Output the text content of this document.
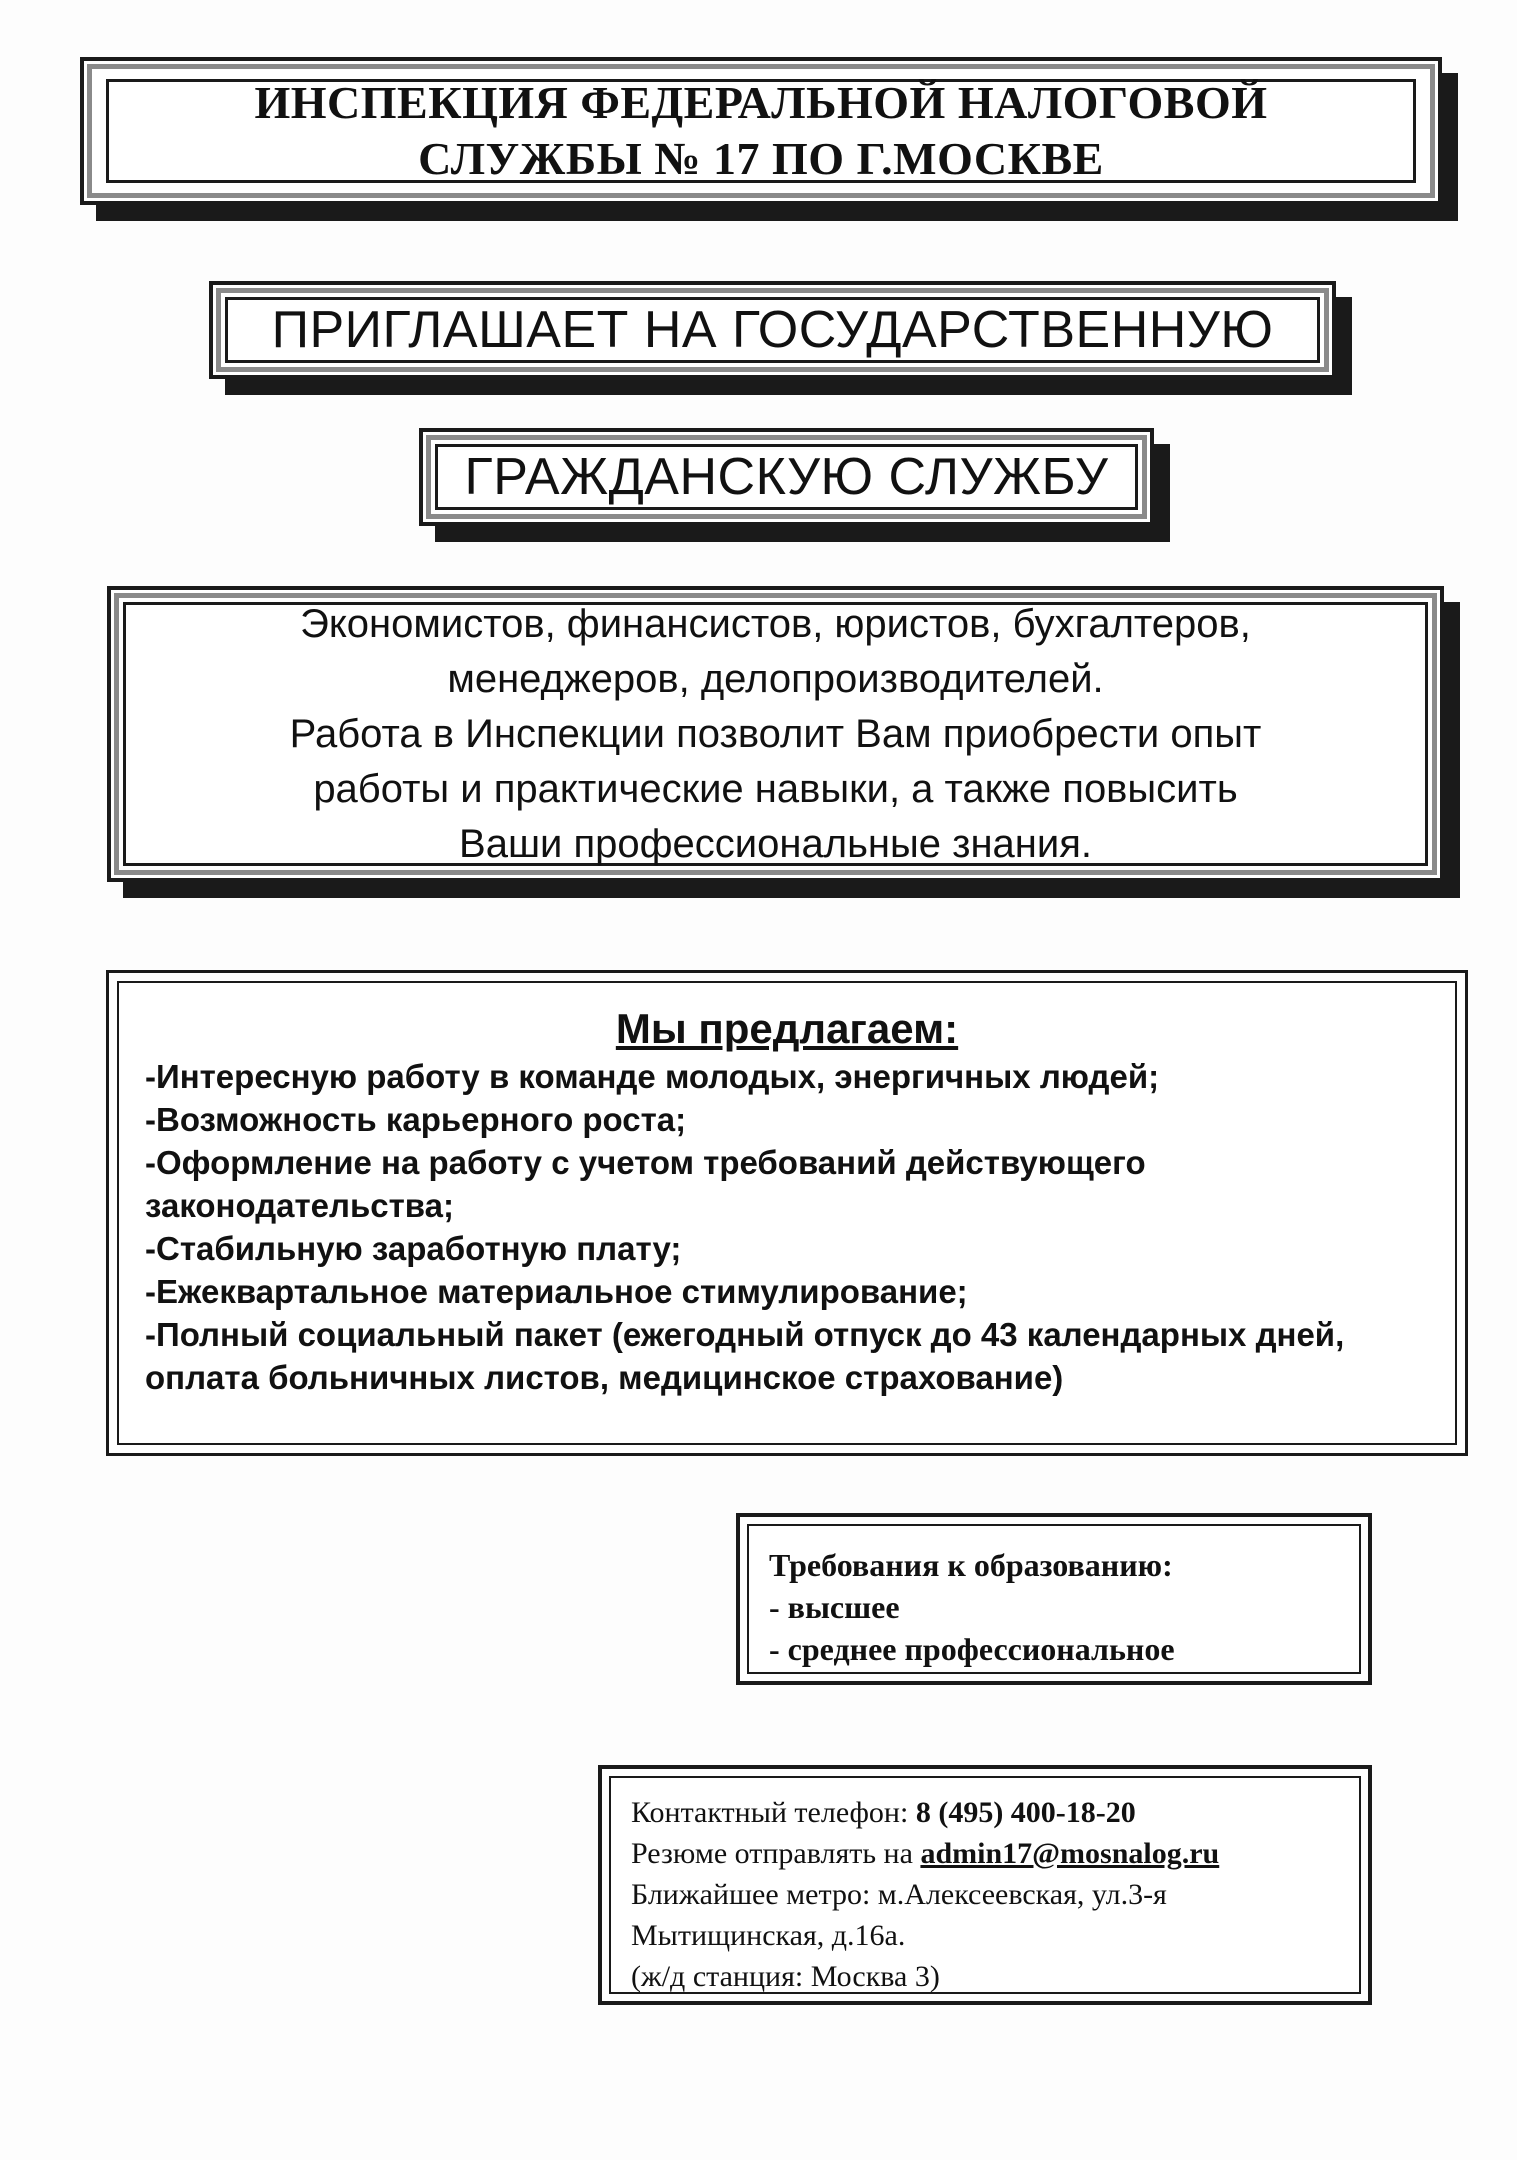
ИНСПЕКЦИЯ ФЕДЕРАЛЬНОЙ НАЛОГОВОЙ
СЛУЖБЫ № 17 ПО Г.МОСКВЕ
ПРИГЛАШАЕТ НА ГОСУДАРСТВЕННУЮ
ГРАЖДАНСКУЮ СЛУЖБУ
Экономистов, финансистов, юристов, бухгалтеров,
менеджеров, делопроизводителей.
Работа в Инспекции позволит Вам приобрести опыт
работы и практические навыки, а также повысить
Ваши профессиональные знания.
Мы предлагаем:
-Интересную работу в команде молодых, энергичных людей;
-Возможность карьерного роста;
-Оформление на работу с учетом требований действующего законодательства;
-Стабильную заработную плату;
-Ежеквартальное материальное стимулирование;
-Полный социальный пакет (ежегодный отпуск до 43 календарных дней, оплата больничных листов, медицинское страхование)
Требования к образованию:
- высшее
- среднее профессиональное
Контактный телефон: 8 (495) 400-18-20
Резюме отправлять на admin17@mosnalog.ru
Ближайшее метро: м.Алексеевская, ул.3-я
Мытищинская, д.16а.
(ж/д станция: Москва 3)
